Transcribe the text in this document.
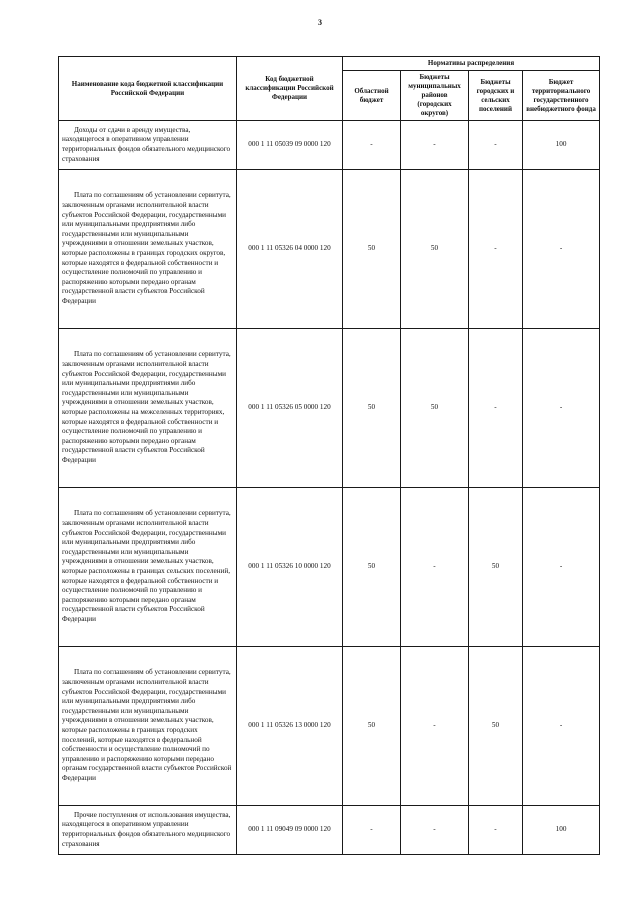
3
Наименование кода бюджетной классификации Российской Федерации	Код бюджетной классификации Российской Федерации	Нормативы распределения			
		Областной бюджет	Бюджеты муниципальных районов (городских округов)	Бюджеты городских и сельских поселений	Бюджет территориального государственного внебюджетного фонда

Доходы от сдачи в аренду имущества, находящегося в оперативном управлении территориальных фондов обязательного медицинского страхования	000 1 11 05039 09 0000 120	-	-	-	100

Плата по соглашениям об установлении сервитута, заключенным органами исполнительной власти субъектов Российской Федерации, государственными или муниципальными предприятиями либо государственными или муниципальными учреждениями в отношении земельных участков, которые расположены в границах городских округов, которые находятся в федеральной собственности и осуществление полномочий по управлению и распоряжению которыми передано органам государственной власти субъектов Российской Федерации	000 1 11 05326 04 0000 120	50	50	-	-

Плата по соглашениям об установлении сервитута, заключенным органами исполнительной власти субъектов Российской Федерации, государственными или муниципальными предприятиями либо государственными или муниципальными учреждениями в отношении земельных участков, которые расположены на межселенных территориях, которые находятся в федеральной собственности и осуществление полномочий по управлению и распоряжению которыми передано органам государственной власти субъектов Российской Федерации	000 1 11 05326 05 0000 120	50	50	-	-

Плата по соглашениям об установлении сервитута, заключенным органами исполнительной власти субъектов Российской Федерации, государственными или муниципальными предприятиями либо государственными или муниципальными учреждениями в отношении земельных участков, которые расположены в границах сельских поселений, которые находятся в федеральной собственности и осуществление полномочий по управлению и распоряжению которыми передано органам государственной власти субъектов Российской Федерации	000 1 11 05326 10 0000 120	50	-	50	-

Плата по соглашениям об установлении сервитута, заключенным органами исполнительной власти субъектов Российской Федерации, государственными или муниципальными предприятиями либо государственными или муниципальными учреждениями в отношении земельных участков, которые расположены в границах городских поселений, которые находятся в федеральной собственности и осуществление полномочий по управлению и распоряжению которыми передано органам государственной власти субъектов Российской Федерации	000 1 11 05326 13 0000 120	50	-	50	-

Прочие поступления от использования имущества, находящегося в оперативном управлении территориальных фондов обязательного медицинского страхования	000 1 11 09049 09 0000 120	-	-	-	100
